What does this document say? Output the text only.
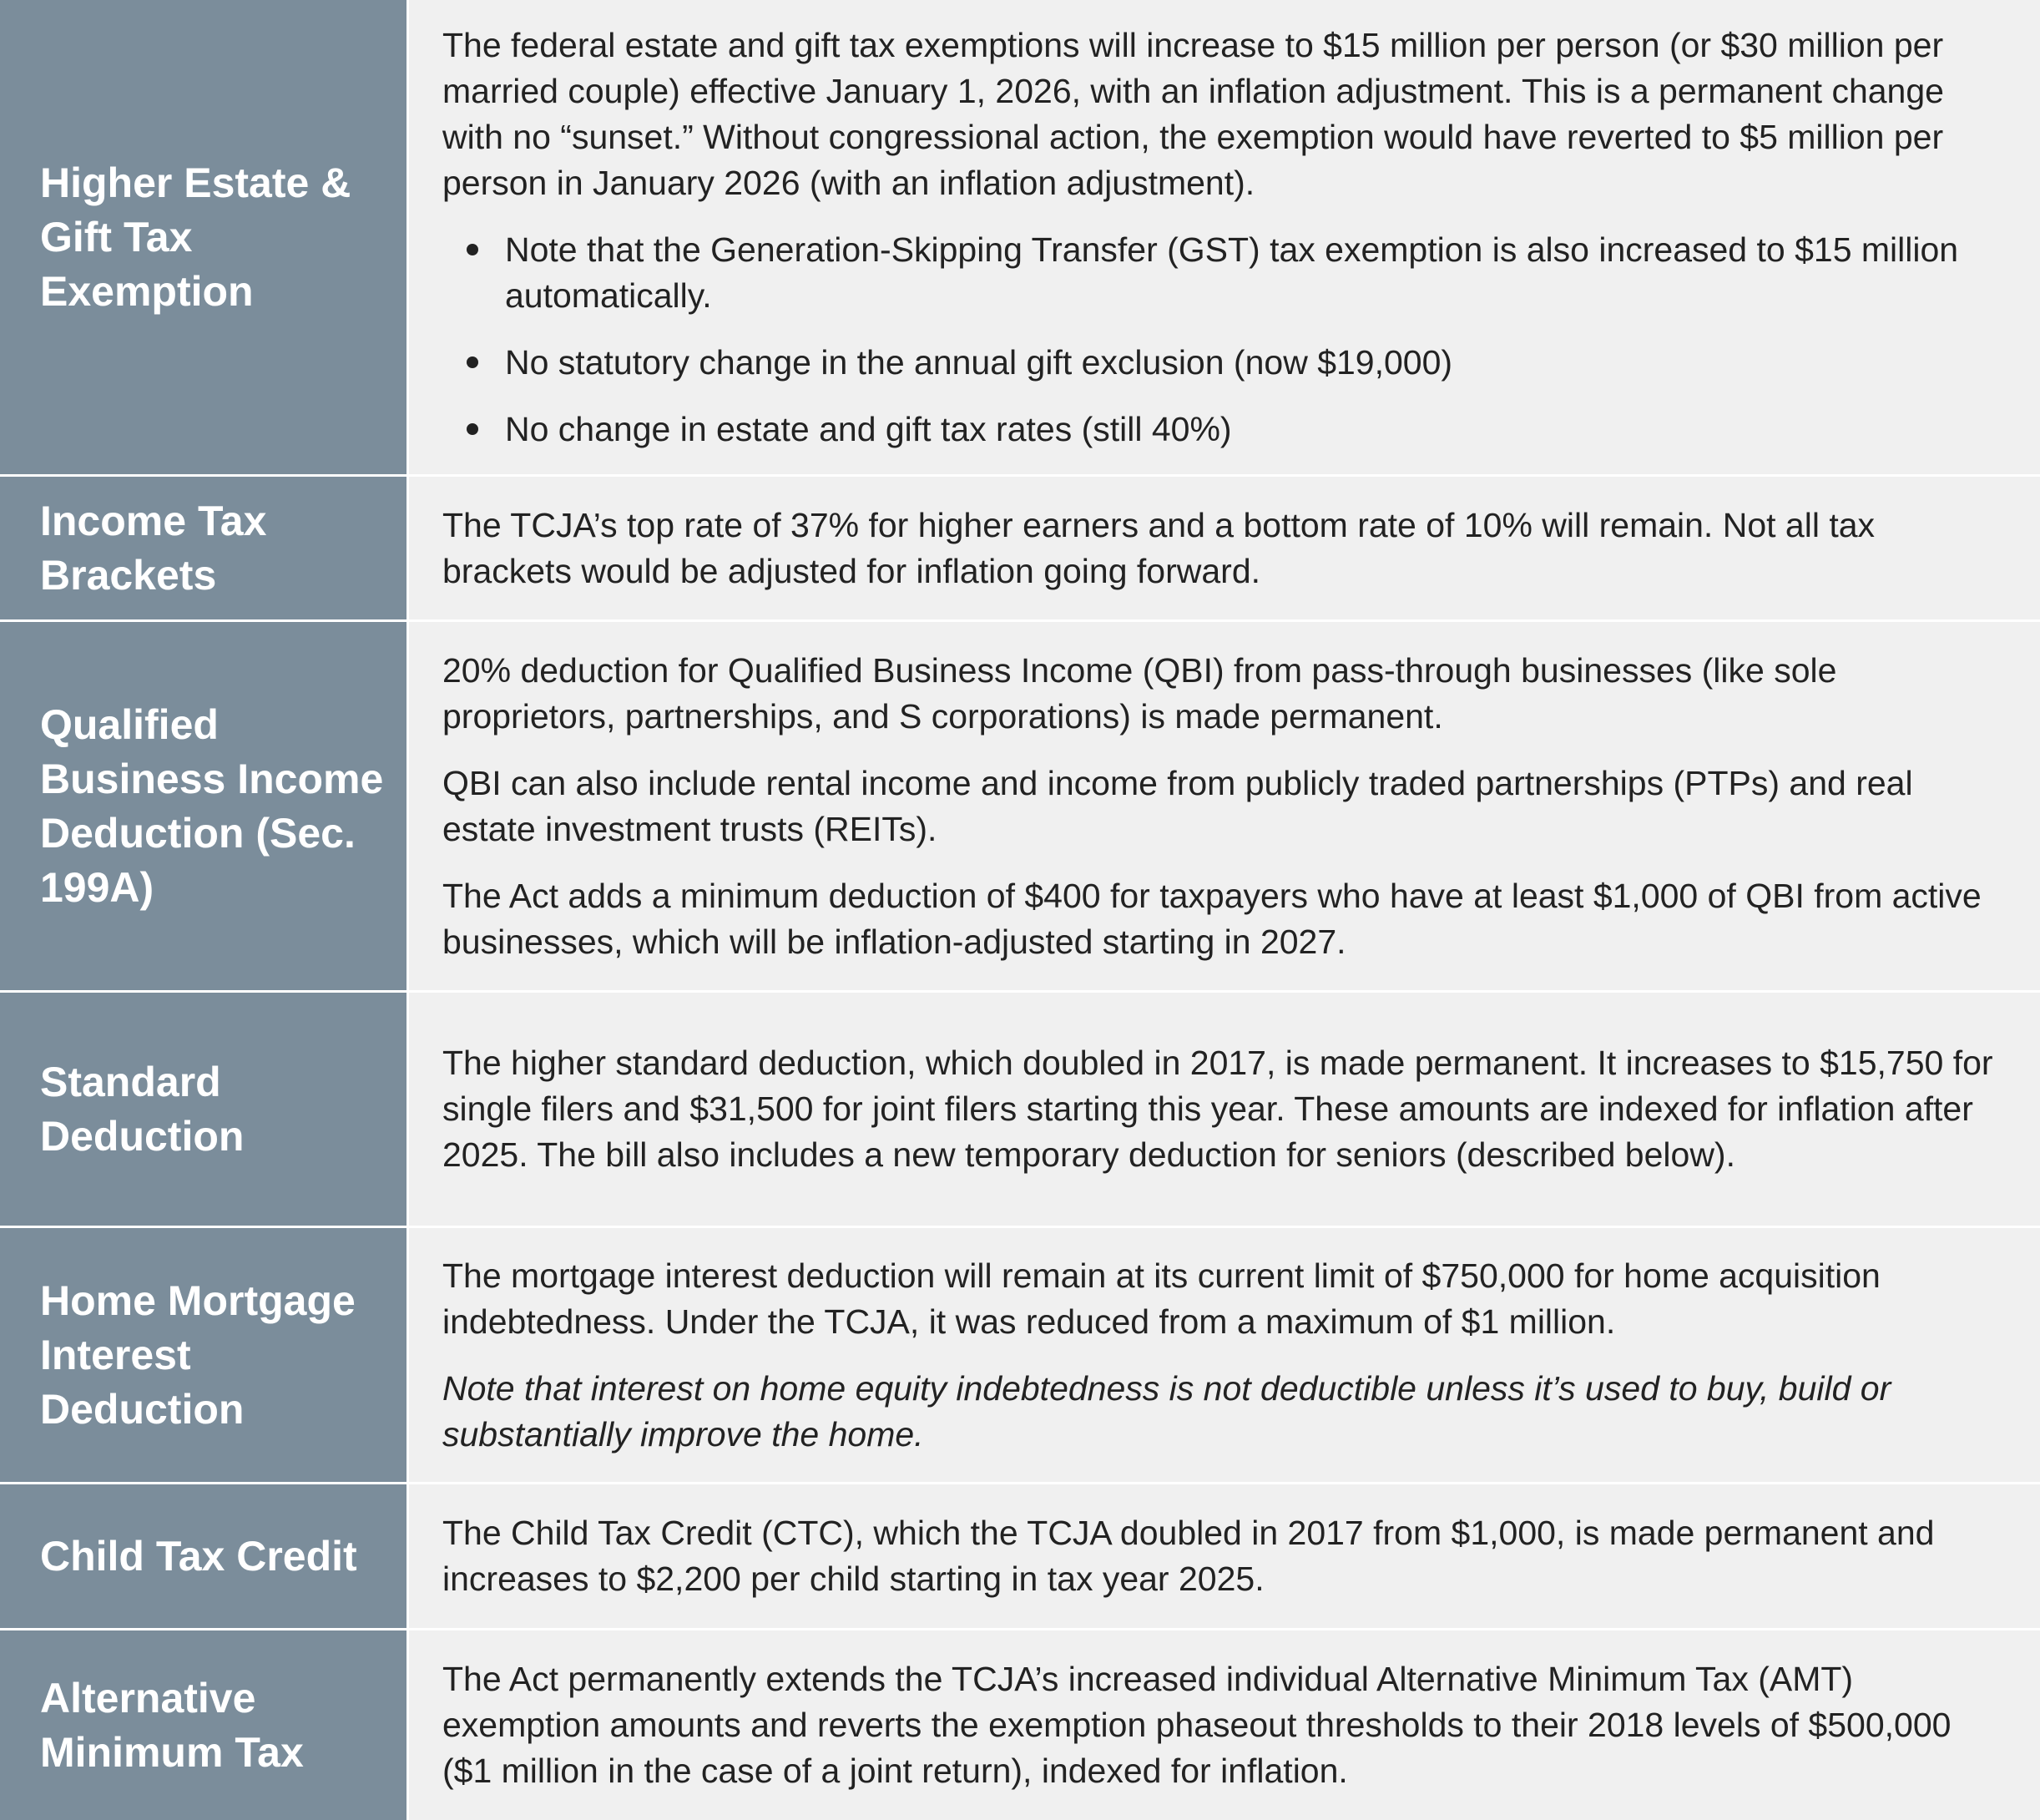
Higher Estate & Gift Tax Exemption

The federal estate and gift tax exemptions will increase to $15 million per person (or $30 million per married couple) effective January 1, 2026, with an inflation adjustment. This is a permanent change with no “sunset.” Without congressional action, the exemption would have reverted to $5 million per person in January 2026 (with an inflation adjustment).

Note that the Generation-Skipping Transfer (GST) tax exemption is also increased to $15 million automatically.
No statutory change in the annual gift exclusion (now $19,000)
No change in estate and gift tax rates (still 40%)
Income Tax Brackets

The TCJA’s top rate of 37% for higher earners and a bottom rate of 10% will remain. Not all tax brackets would be adjusted for inflation going forward.

Qualified Business Income Deduction (Sec. 199A)

20% deduction for Qualified Business Income (QBI) from pass-through businesses (like sole proprietors, partnerships, and S corporations) is made permanent.

QBI can also include rental income and income from publicly traded partnerships (PTPs) and real estate investment trusts (REITs).

The Act adds a minimum deduction of $400 for taxpayers who have at least $1,000 of QBI from active businesses, which will be inflation-adjusted starting in 2027.

Standard Deduction

The higher standard deduction, which doubled in 2017, is made permanent. It increases to $15,750 for single filers and $31,500 for joint filers starting this year. These amounts are indexed for inflation after 2025. The bill also includes a new temporary deduction for seniors (described below).

Home Mortgage Interest Deduction

The mortgage interest deduction will remain at its current limit of $750,000 for home acquisition indebtedness. Under the TCJA, it was reduced from a maximum of $1 million.

Note that interest on home equity indebtedness is not deductible unless it’s used to buy, build or substantially improve the home.

Child Tax Credit The Child Tax Credit (CTC), which the TCJA doubled in 2017 from $1,000, is made permanent and increases to $2,200 per child starting in tax year 2025.

Alternative Minimum Tax

The Act permanently extends the TCJA’s increased individual Alternative Minimum Tax (AMT) exemption amounts and reverts the exemption phaseout thresholds to their 2018 levels of $500,000 ($1 million in the case of a joint return), indexed for inflation.
